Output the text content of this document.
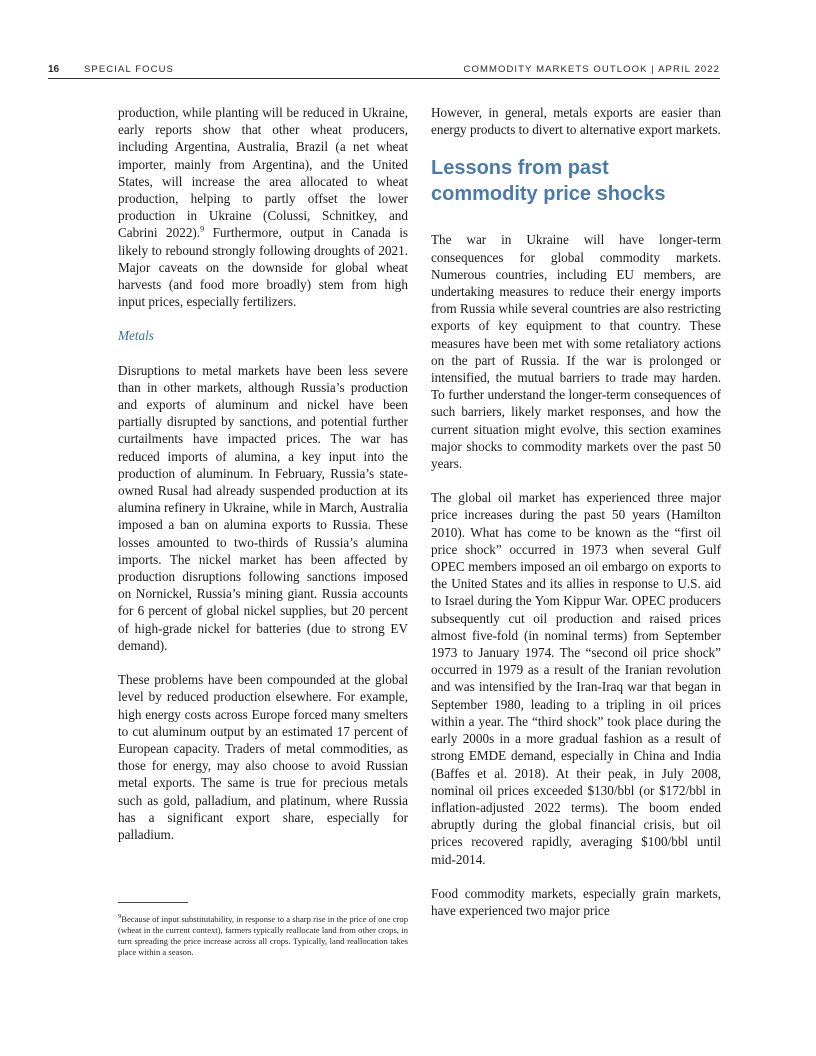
16	SPECIAL FOCUS	COMMODITY MARKETS OUTLOOK | APRIL 2022

production, while planting will be reduced in Ukraine, early reports show that other wheat producers, including Argentina, Australia, Brazil (a net wheat importer, mainly from Argentina), and the United States, will increase the area allocated to wheat production, helping to partly offset the lower production in Ukraine (Colussi, Schnitkey, and Cabrini 2022).$^9$ Furthermore, output in Canada is likely to rebound strongly following droughts of 2021. Major caveats on the downside for global wheat harvests (and food more broadly) stem from high input prices, especially fertilizers.

Metals

Disruptions to metal markets have been less severe than in other markets, although Russia’s production and exports of aluminum and nickel have been partially disrupted by sanctions, and potential further curtailments have impacted prices. The war has reduced imports of alumina, a key input into the production of aluminum. In February, Russia’s state-owned Rusal had already suspended production at its alumina refinery in Ukraine, while in March, Australia imposed a ban on alumina exports to Russia. These losses amounted to two-thirds of Russia’s alumina imports. The nickel market has been affected by production disruptions following sanctions imposed on Nornickel, Russia’s mining giant. Russia accounts for 6 percent of global nickel supplies, but 20 percent of high-grade nickel for batteries (due to strong EV demand).

These problems have been compounded at the global level by reduced production elsewhere. For example, high energy costs across Europe forced many smelters to cut aluminum output by an estimated 17 percent of European capacity. Traders of metal commodities, as those for energy, may also choose to avoid Russian metal exports. The same is true for precious metals such as gold, palladium, and platinum, where Russia has a significant export share, especially for palladium.

$^9$Because of input substitutability, in response to a sharp rise in the price of one crop (wheat in the current context), farmers typically reallocate land from other crops, in turn spreading the price increase across all crops. Typically, land reallocation takes place within a season.

However, in general, metals exports are easier than energy products to divert to alternative export markets.

Lessons from past commodity price shocks

The war in Ukraine will have longer-term consequences for global commodity markets. Numerous countries, including EU members, are undertaking measures to reduce their energy imports from Russia while several countries are also restricting exports of key equipment to that country. These measures have been met with some retaliatory actions on the part of Russia. If the war is prolonged or intensified, the mutual barriers to trade may harden. To further understand the longer-term consequences of such barriers, likely market responses, and how the current situation might evolve, this section examines major shocks to commodity markets over the past 50 years.

The global oil market has experienced three major price increases during the past 50 years (Hamilton 2010). What has come to be known as the “first oil price shock” occurred in 1973 when several Gulf OPEC members imposed an oil embargo on exports to the United States and its allies in response to U.S. aid to Israel during the Yom Kippur War. OPEC producers subsequently cut oil production and raised prices almost five-fold (in nominal terms) from September 1973 to January 1974. The “second oil price shock” occurred in 1979 as a result of the Iranian revolution and was intensified by the Iran-Iraq war that began in September 1980, leading to a tripling in oil prices within a year. The “third shock” took place during the early 2000s in a more gradual fashion as a result of strong EMDE demand, especially in China and India (Baffes et al. 2018). At their peak, in July 2008, nominal oil prices exceeded $130/bbl (or $172/bbl in inflation-adjusted 2022 terms). The boom ended abruptly during the global financial crisis, but oil prices recovered rapidly, averaging $100/bbl until mid-2014.

Food commodity markets, especially grain markets, have experienced two major price
